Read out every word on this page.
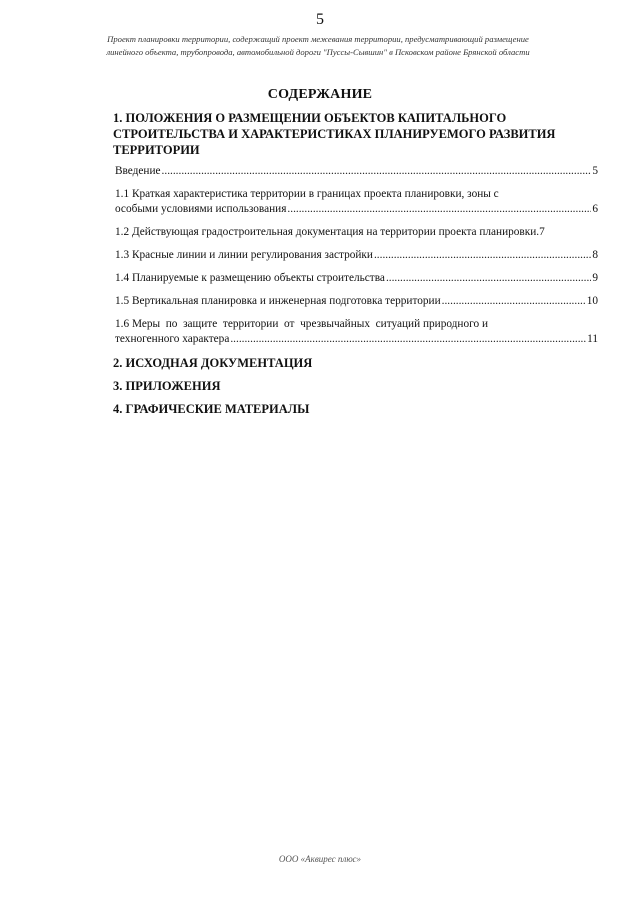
5
Проект планировки территории, содержащий проект межевания территории, предусматривающий размещение линейного объекта, трубопровода, автомобильной дороги "Пуссы-Сывшин" в Псковском районе Брянской области
СОДЕРЖАНИЕ
1. ПОЛОЖЕНИЯ О РАЗМЕЩЕНИИ ОБЪЕКТОВ КАПИТАЛЬНОГО СТРОИТЕЛЬСТВА И ХАРАКТЕРИСТИКАХ ПЛАНИРУЕМОГО РАЗВИТИЯ ТЕРРИТОРИИ
Введение .....	5
1.1 Краткая характеристика территории в границах проекта планировки, зоны с
особыми условиями использования .....	6
1.2 Действующая градостроительная документация на территории проекта планировки. 7
1.3 Красные линии и линии регулирования застройки .....	8
1.4 Планируемые к размещению объекты строительства .....	9
1.5 Вертикальная планировка и инженерная подготовка территории .....	10
1.6 Меры  по  защите  территории  от  чрезвычайных  ситуаций природного и
техногенного характера .....	11
2. ИСХОДНАЯ ДОКУМЕНТАЦИЯ
3. ПРИЛОЖЕНИЯ
4. ГРАФИЧЕСКИЕ МАТЕРИАЛЫ
ООО «Аквирес плюс»
